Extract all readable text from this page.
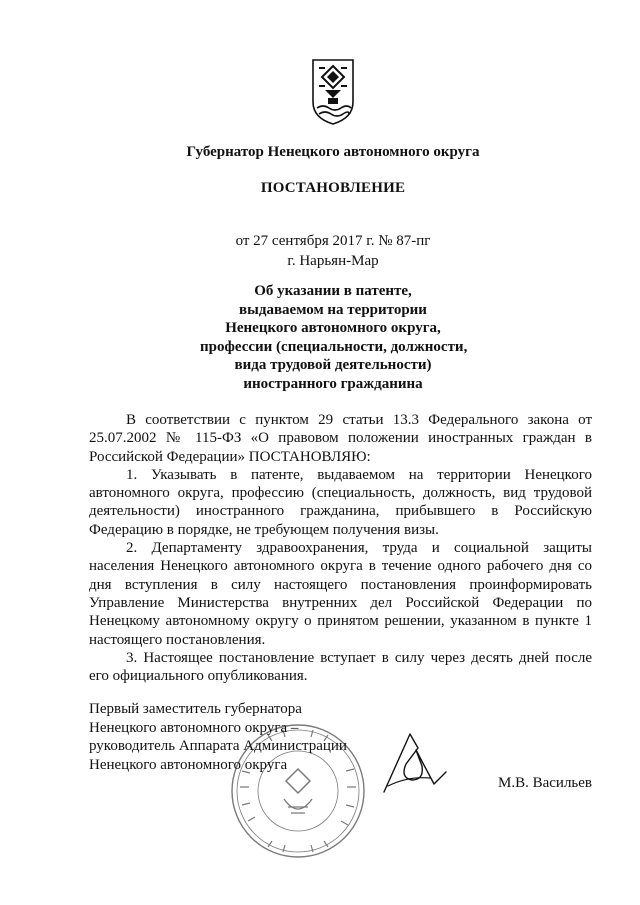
Губернатор Ненецкого автономного округа
ПОСТАНОВЛЕНИЕ
от 27 сентября 2017 г. № 87-пг
г. Нарьян-Мар
Об указании в патенте,
выдаваемом на территории
Ненецкого автономного округа,
профессии (специальности, должности,
вида трудовой деятельности)
иностранного гражданина

В соответствии с пунктом 29 статьи 13.3 Федерального закона от 25.07.2002 № 115-ФЗ «О правовом положении иностранных граждан в Российской Федерации» ПОСТАНОВЛЯЮ:

1. Указывать в патенте, выдаваемом на территории Ненецкого автономного округа, профессию (специальность, должность, вид трудовой деятельности) иностранного гражданина, прибывшего в Российскую Федерацию в порядке, не требующем получения визы.

2. Департаменту здравоохранения, труда и социальной защиты населения Ненецкого автономного округа в течение одного рабочего дня со дня вступления в силу настоящего постановления проинформировать Управление Министерства внутренних дел Российской Федерации по Ненецкому автономному округу о принятом решении, указанном в пункте 1 настоящего постановления.

3. Настоящее постановление вступает в силу через десять дней после его официального опубликования.

Первый заместитель губернатора
Ненецкого автономного округа –
руководитель Аппарата Администрации
Ненецкого автономного округа
М.В. Васильев
